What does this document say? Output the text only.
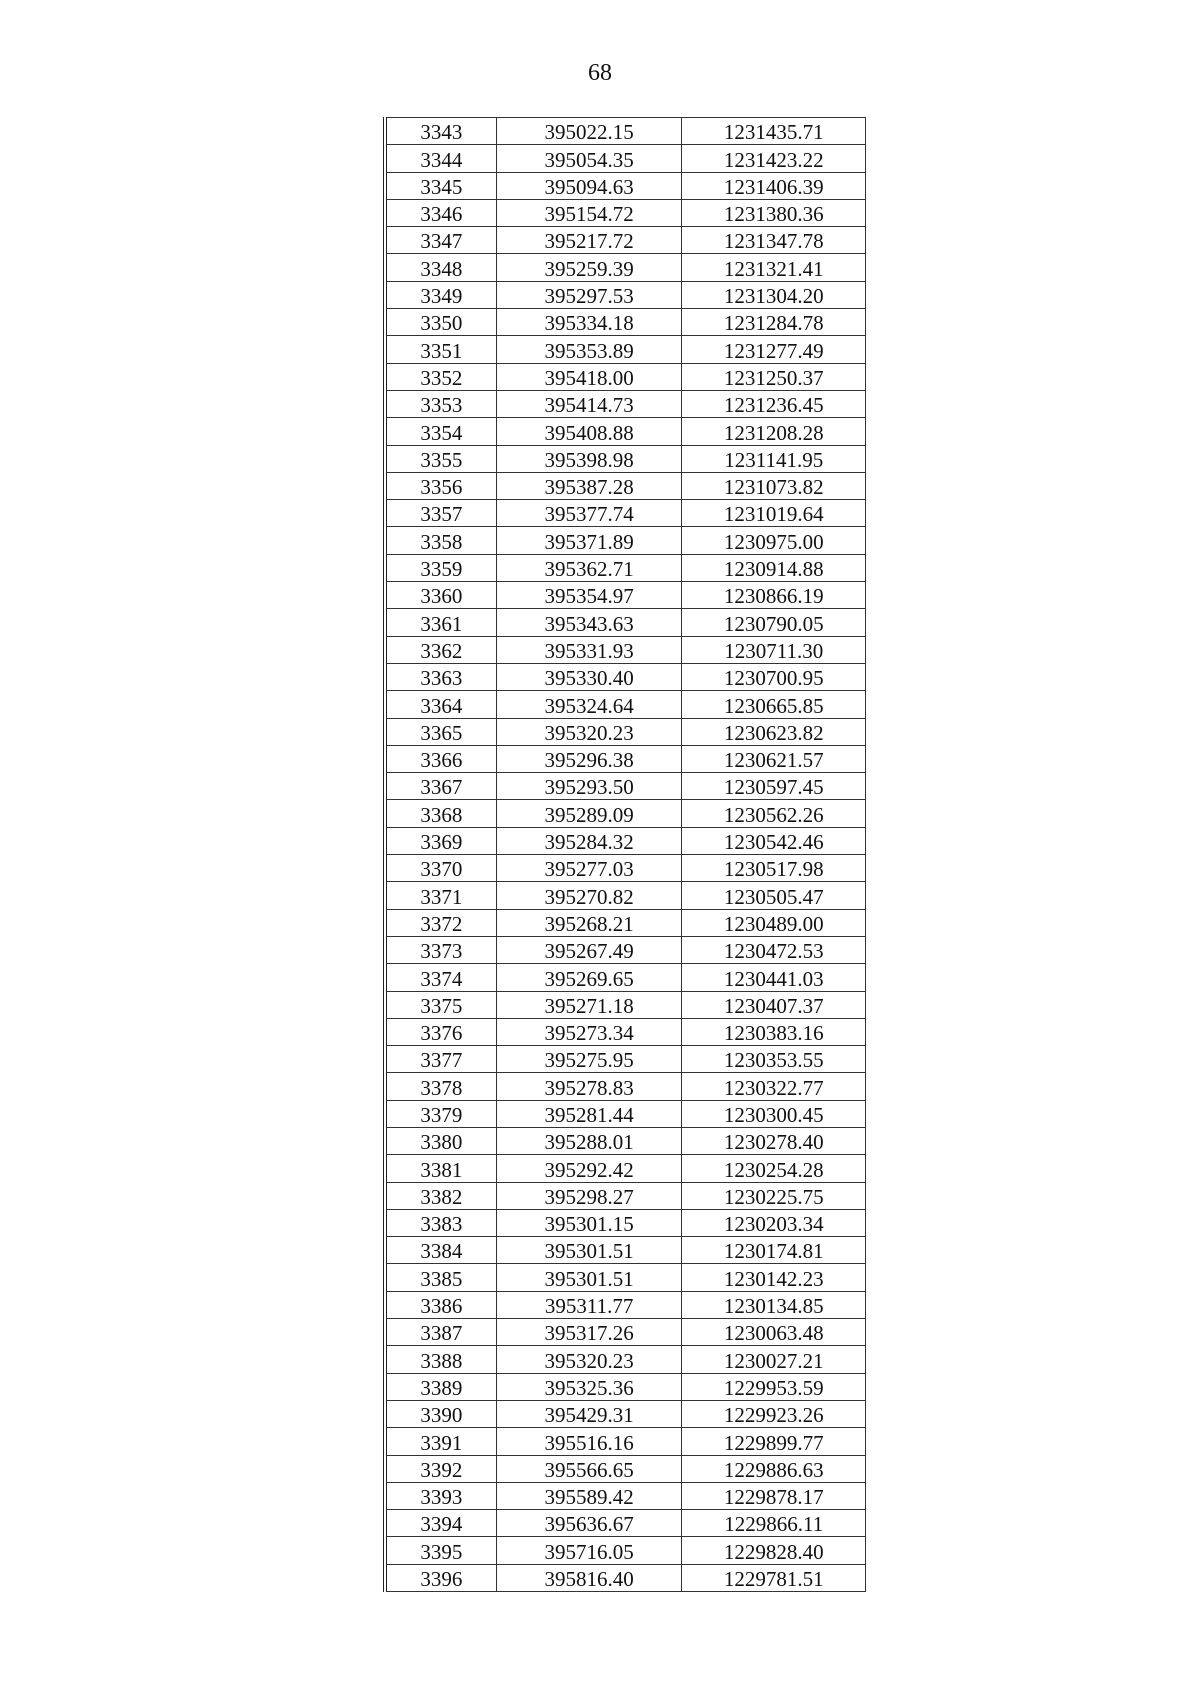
68
3343	395022.15	1231435.71
3344	395054.35	1231423.22
3345	395094.63	1231406.39
3346	395154.72	1231380.36
3347	395217.72	1231347.78
3348	395259.39	1231321.41
3349	395297.53	1231304.20
3350	395334.18	1231284.78
3351	395353.89	1231277.49
3352	395418.00	1231250.37
3353	395414.73	1231236.45
3354	395408.88	1231208.28
3355	395398.98	1231141.95
3356	395387.28	1231073.82
3357	395377.74	1231019.64
3358	395371.89	1230975.00
3359	395362.71	1230914.88
3360	395354.97	1230866.19
3361	395343.63	1230790.05
3362	395331.93	1230711.30
3363	395330.40	1230700.95
3364	395324.64	1230665.85
3365	395320.23	1230623.82
3366	395296.38	1230621.57
3367	395293.50	1230597.45
3368	395289.09	1230562.26
3369	395284.32	1230542.46
3370	395277.03	1230517.98
3371	395270.82	1230505.47
3372	395268.21	1230489.00
3373	395267.49	1230472.53
3374	395269.65	1230441.03
3375	395271.18	1230407.37
3376	395273.34	1230383.16
3377	395275.95	1230353.55
3378	395278.83	1230322.77
3379	395281.44	1230300.45
3380	395288.01	1230278.40
3381	395292.42	1230254.28
3382	395298.27	1230225.75
3383	395301.15	1230203.34
3384	395301.51	1230174.81
3385	395301.51	1230142.23
3386	395311.77	1230134.85
3387	395317.26	1230063.48
3388	395320.23	1230027.21
3389	395325.36	1229953.59
3390	395429.31	1229923.26
3391	395516.16	1229899.77
3392	395566.65	1229886.63
3393	395589.42	1229878.17
3394	395636.67	1229866.11
3395	395716.05	1229828.40
3396	395816.40	1229781.51
